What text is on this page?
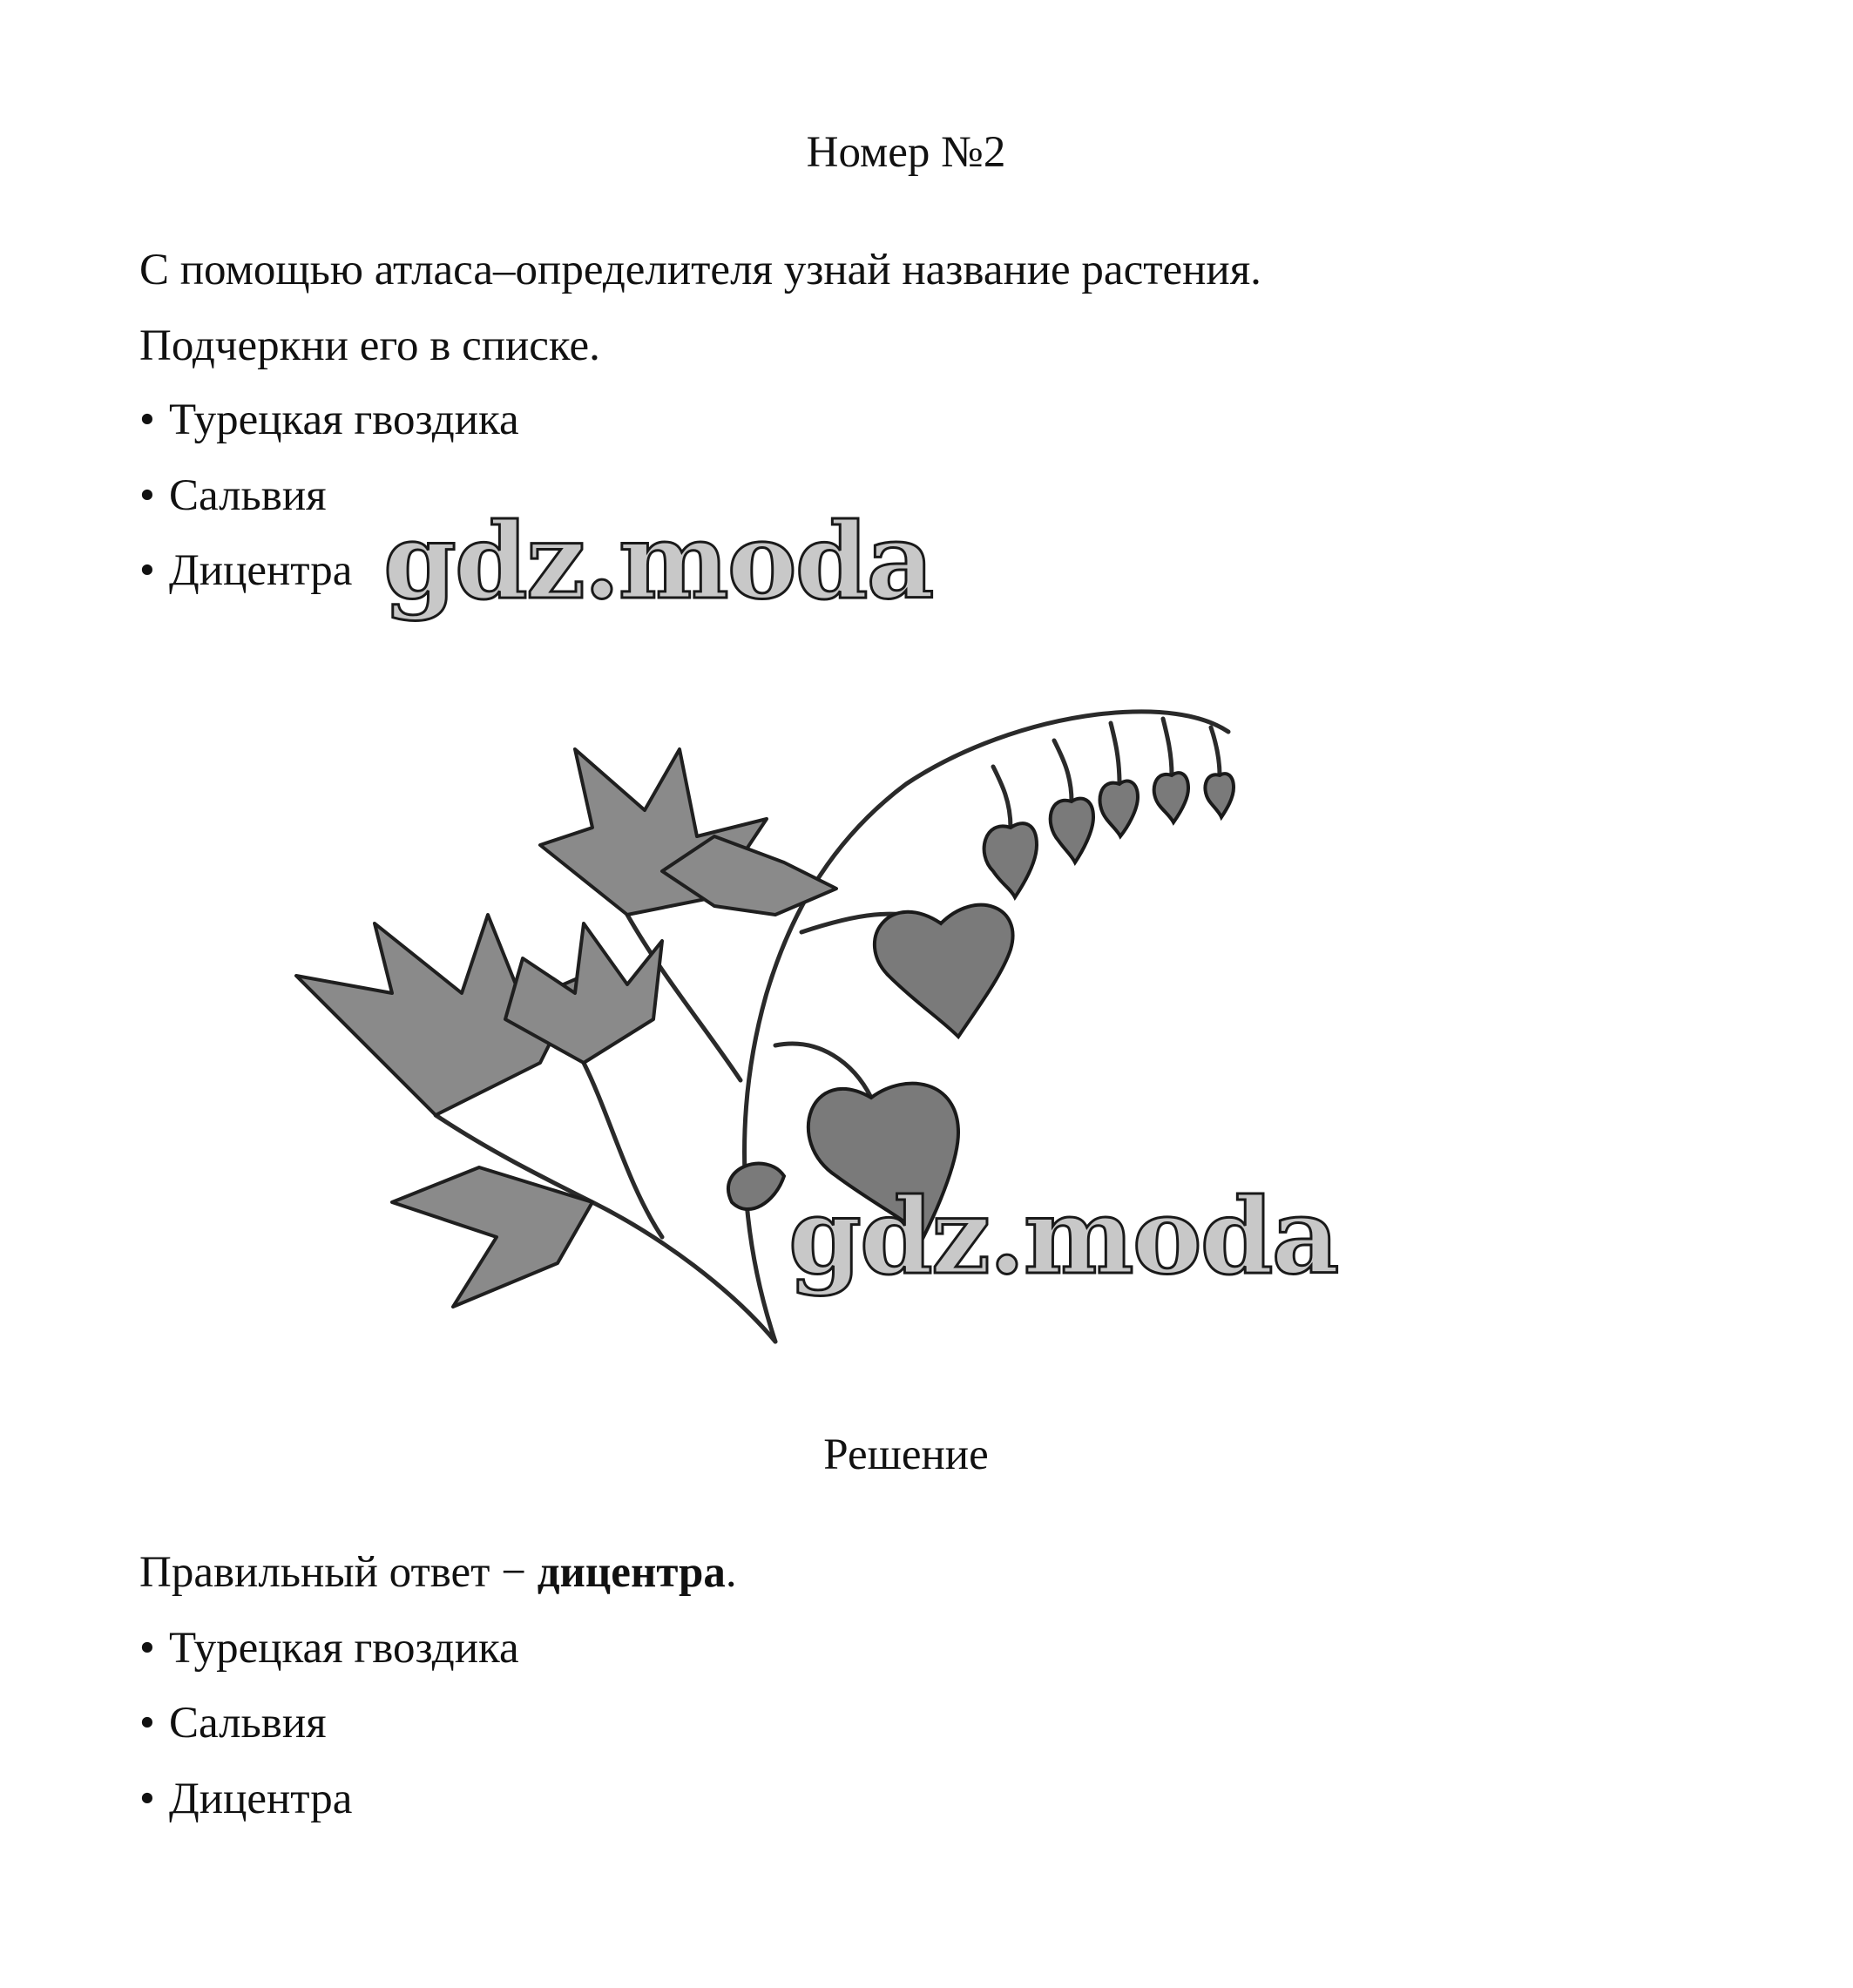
Номер №2
С помощью атласа–определителя узнай название растения.
Подчеркни его в списке.
• Турецкая гвоздика
• Сальвия
• Дицентра gdz.moda
gdz.moda
Решение
Правильный ответ − дицентра.
• Турецкая гвоздика
• Сальвия
• Дицентра
